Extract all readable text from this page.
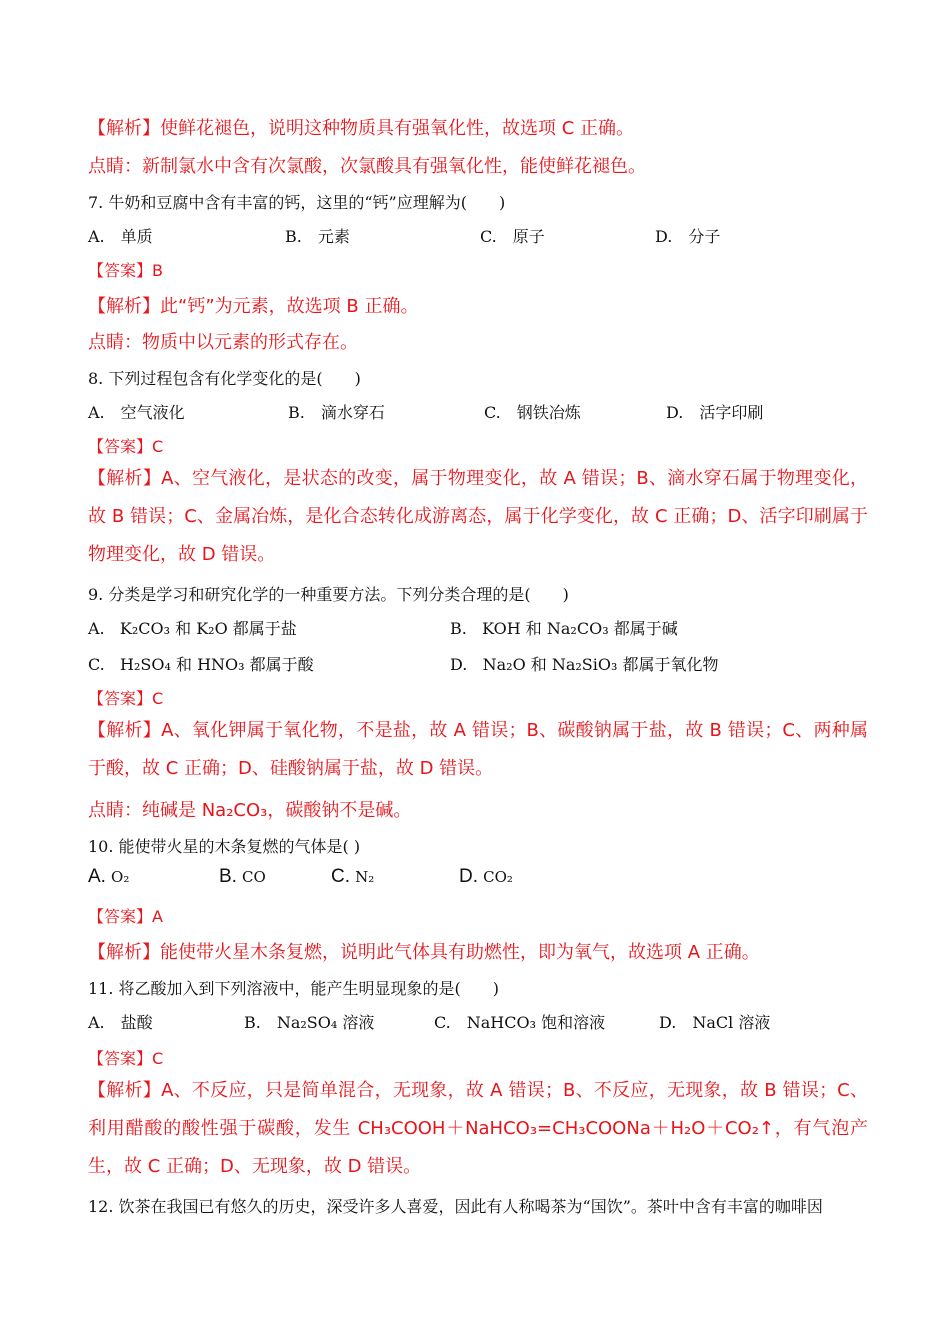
【解析】使鲜花褪色，说明这种物质具有强氧化性，故选项 C 正确。
点睛：新制氯水中含有次氯酸，次氯酸具有强氧化性，能使鲜花褪色。
7. 牛奶和豆腐中含有丰富的钙，这里的“钙”应理解为(　　)
A.　单质	B.　元素	C.　原子	D.　分子
【答案】B
【解析】此“钙”为元素，故选项 B 正确。
点睛：物质中以元素的形式存在。
8. 下列过程包含有化学变化的是(　　)
A.　空气液化	B.　滴水穿石	C.　钢铁冶炼	D.　活字印刷
【答案】C
【解析】A、空气液化，是状态的改变，属于物理变化，故 A 错误；B、滴水穿石属于物理变化，故 B 错误；C、金属冶炼，是化合态转化成游离态，属于化学变化，故 C 正确；D、活字印刷属于物理变化，故 D 错误。
9. 分类是学习和研究化学的一种重要方法。下列分类合理的是(　　)
A. K₂CO₃ 和 K₂O 都属于盐	B. KOH 和 Na₂CO₃ 都属于碱
C. H₂SO₄ 和 HNO₃ 都属于酸	D. Na₂O 和 Na₂SiO₃ 都属于氧化物
【答案】C
【解析】A、氧化钾属于氧化物，不是盐，故 A 错误；B、碳酸钠属于盐，故 B 错误；C、两种属于酸，故 C 正确；D、硅酸钠属于盐，故 D 错误。
点睛：纯碱是 Na₂CO₃，碳酸钠不是碱。
10. 能使带火星的木条复燃的气体是( )
A. O₂	B. CO	C. N₂	D. CO₂
【答案】A
【解析】能使带火星木条复燃，说明此气体具有助燃性，即为氧气，故选项 A 正确。
11. 将乙酸加入到下列溶液中，能产生明显现象的是(　　)
A.　盐酸	B.　Na₂SO₄ 溶液	C.　NaHCO₃ 饱和溶液	D.　NaCl 溶液
【答案】C
【解析】A、不反应，只是简单混合，无现象，故 A 错误；B、不反应，无现象，故 B 错误；C、利用醋酸的酸性强于碳酸，发生 CH₃COOH＋NaHCO₃=CH₃COONa＋H₂O＋CO₂↑，有气泡产生，故 C 正确；D、无现象，故 D 错误。
12. 饮茶在我国已有悠久的历史，深受许多人喜爱，因此有人称喝茶为“国饮”。茶叶中含有丰富的咖啡因
